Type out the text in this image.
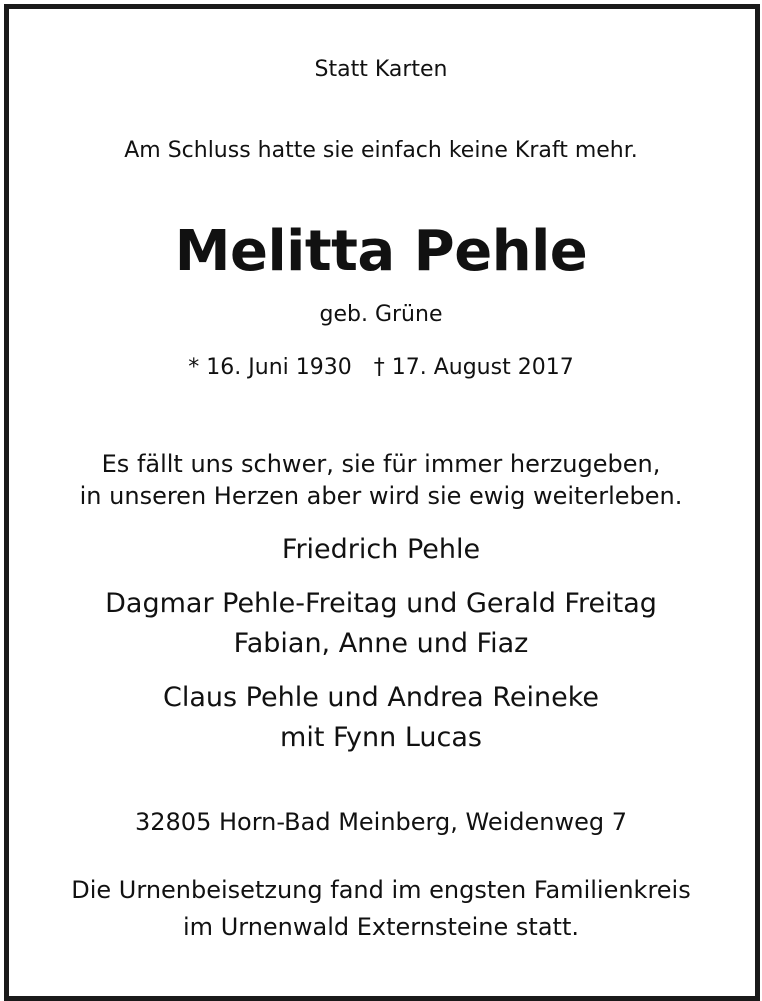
Statt Karten
Am Schluss hatte sie einfach keine Kraft mehr.
Melitta Pehle
geb. Grüne
* 16. Juni 1930 † 17. August 2017
Es fällt uns schwer, sie für immer herzugeben,
in unseren Herzen aber wird sie ewig weiterleben.
Friedrich Pehle
Dagmar Pehle-Freitag und Gerald Freitag
Fabian, Anne und Fiaz
Claus Pehle und Andrea Reineke
mit Fynn Lucas
32805 Horn-Bad Meinberg, Weidenweg 7
Die Urnenbeisetzung fand im engsten Familienkreis
im Urnenwald Externsteine statt.
